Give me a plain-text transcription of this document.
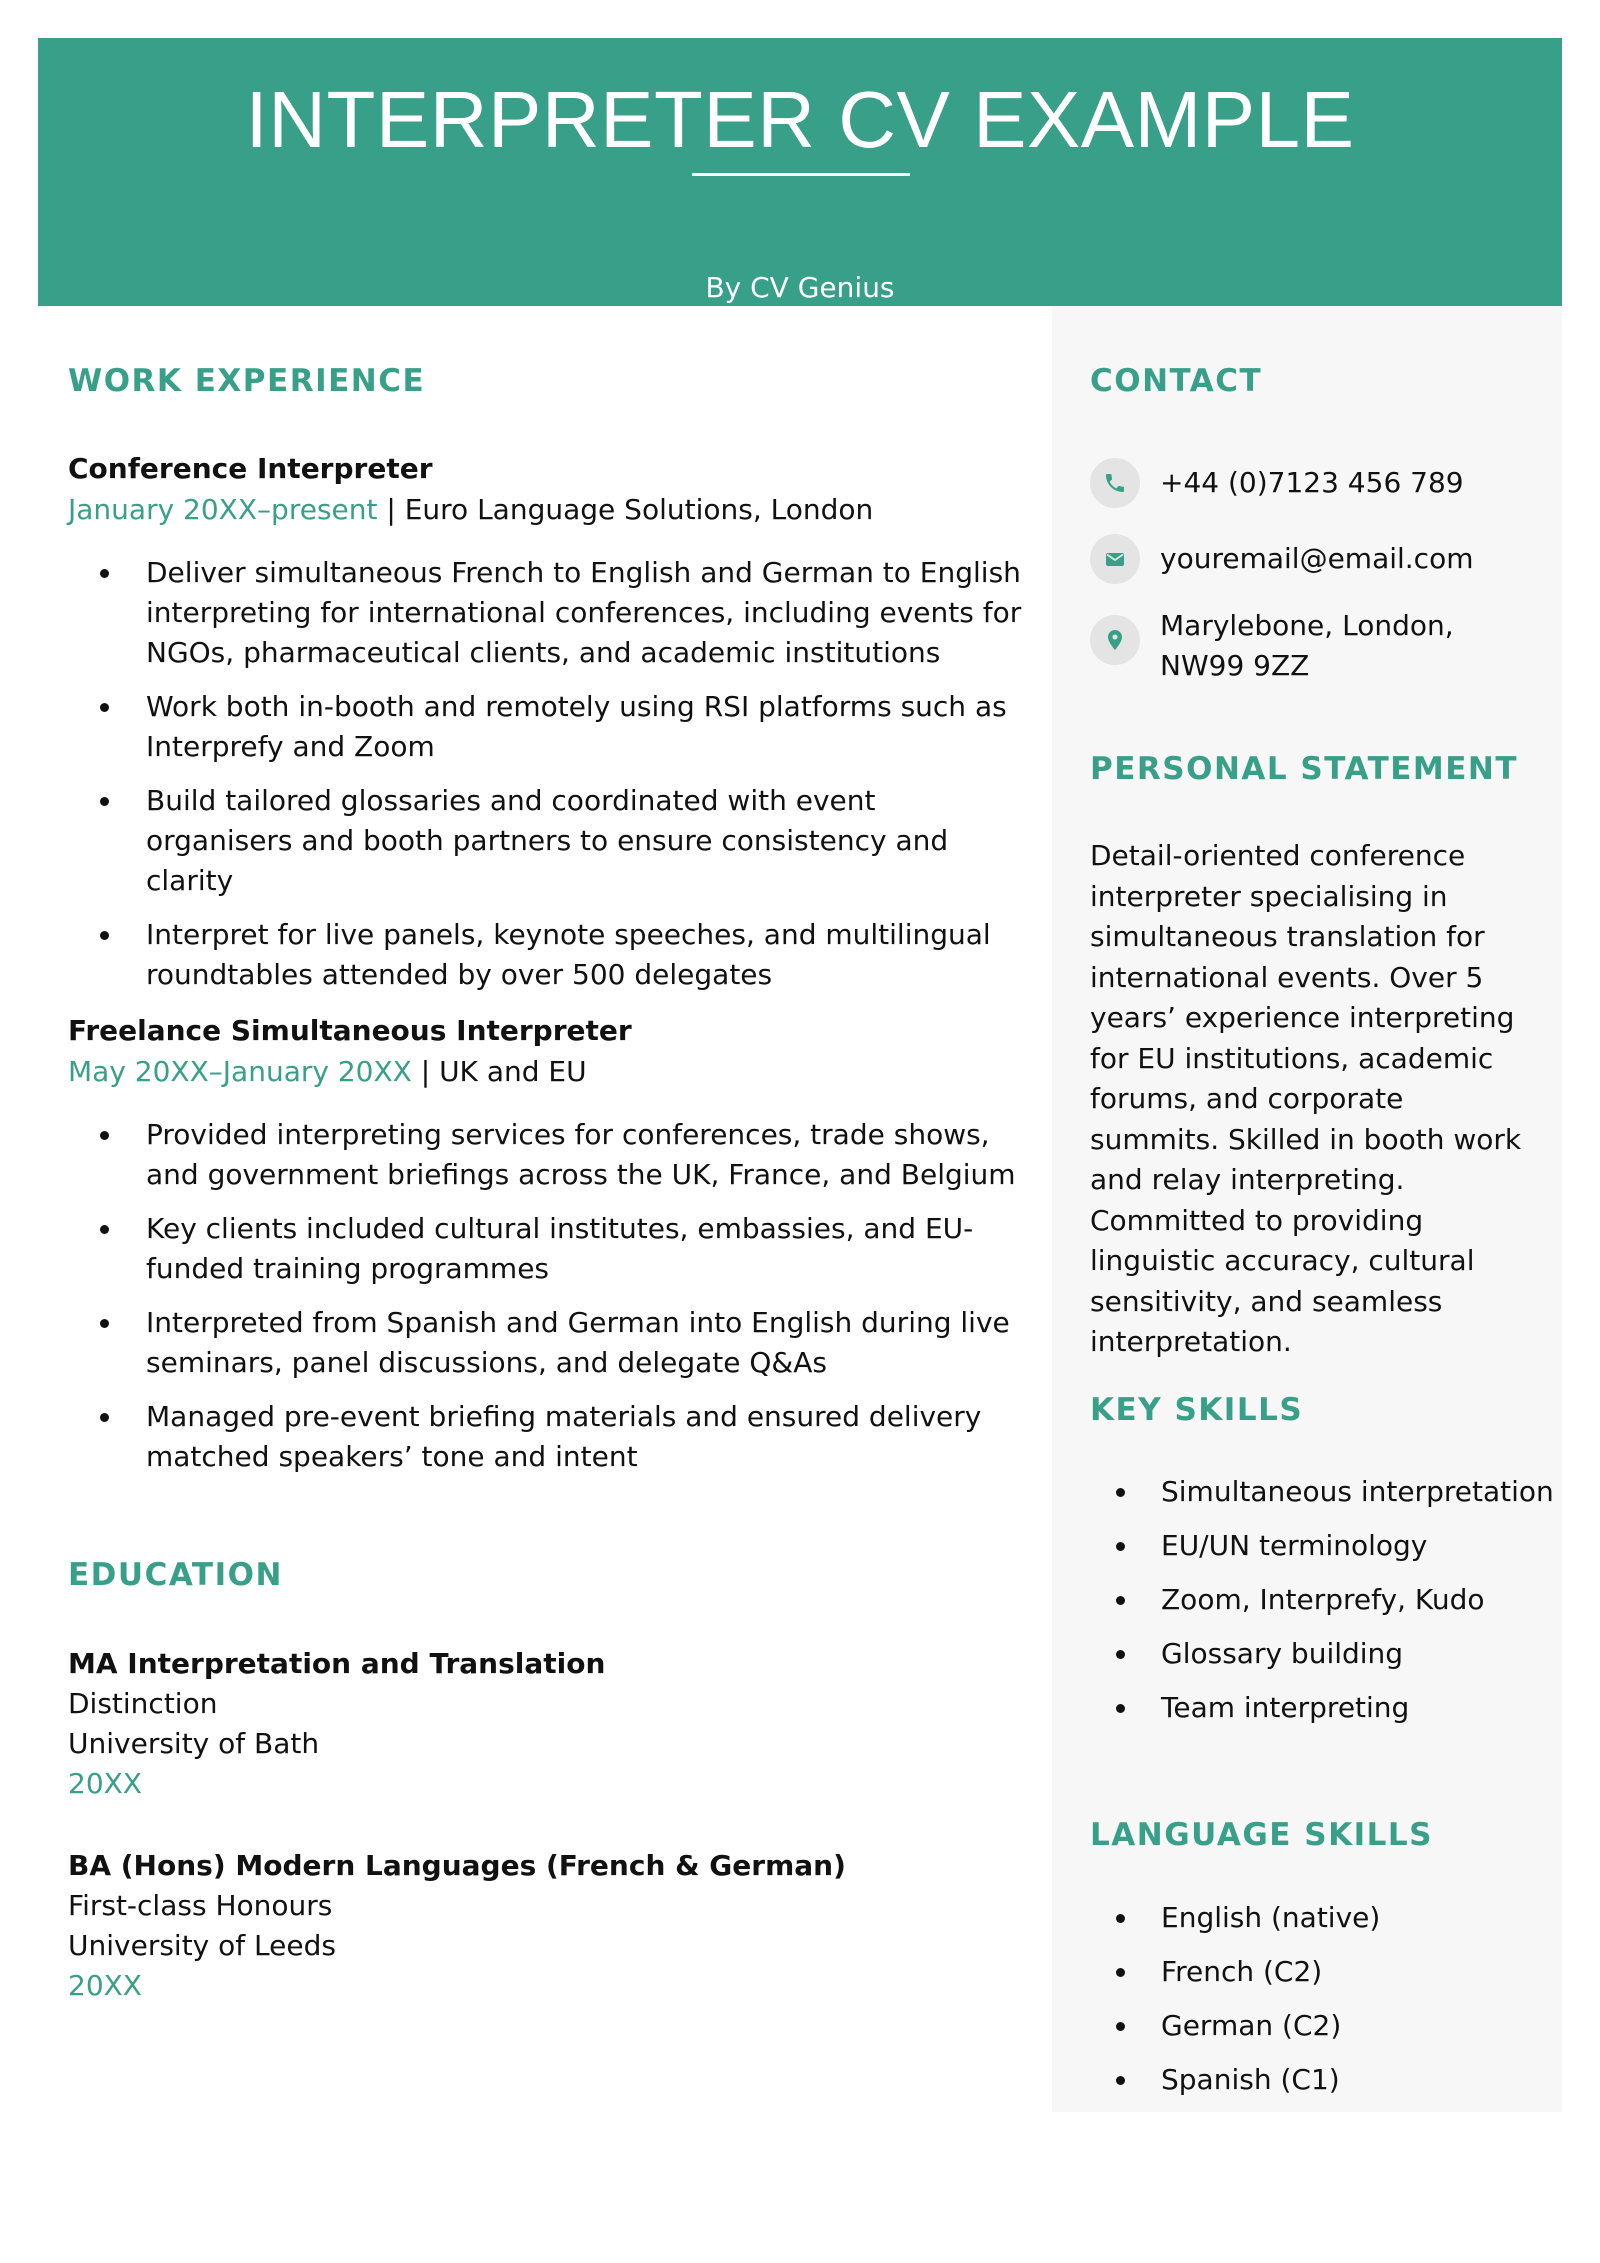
INTERPRETER CV EXAMPLE
By CV Genius
WORK EXPERIENCE
Conference Interpreter
January 20XX–present | Euro Language Solutions, London
Deliver simultaneous French to English and German to English interpreting for international conferences, including events for NGOs, pharmaceutical clients, and academic institutions
Work both in-booth and remotely using RSI platforms such as Interprefy and Zoom
Build tailored glossaries and coordinated with event organisers and booth partners to ensure consistency and clarity
Interpret for live panels, keynote speeches, and multilingual roundtables attended by over 500 delegates
Freelance Simultaneous Interpreter
May 20XX–January 20XX | UK and EU
Provided interpreting services for conferences, trade shows, and government briefings across the UK, France, and Belgium
Key clients included cultural institutes, embassies, and EU-funded training programmes
Interpreted from Spanish and German into English during live seminars, panel discussions, and delegate Q&As
Managed pre-event briefing materials and ensured delivery matched speakers’ tone and intent
EDUCATION
MA Interpretation and Translation
Distinction
University of Bath
20XX
BA (Hons) Modern Languages (French & German)
First-class Honours
University of Leeds
20XX
CONTACT
+44 (0)7123 456 789
youremail@email.com
Marylebone, London,
NW99 9ZZ
PERSONAL STATEMENT
Detail-oriented conference interpreter specialising in simultaneous translation for international events. Over 5 years’ experience interpreting for EU institutions, academic forums, and corporate summits. Skilled in booth work and relay interpreting. Committed to providing linguistic accuracy, cultural sensitivity, and seamless interpretation.
KEY SKILLS
Simultaneous interpretation
EU/UN terminology
Zoom, Interprefy, Kudo
Glossary building
Team interpreting
LANGUAGE SKILLS
English (native)
French (C2)
German (C2)
Spanish (C1)
